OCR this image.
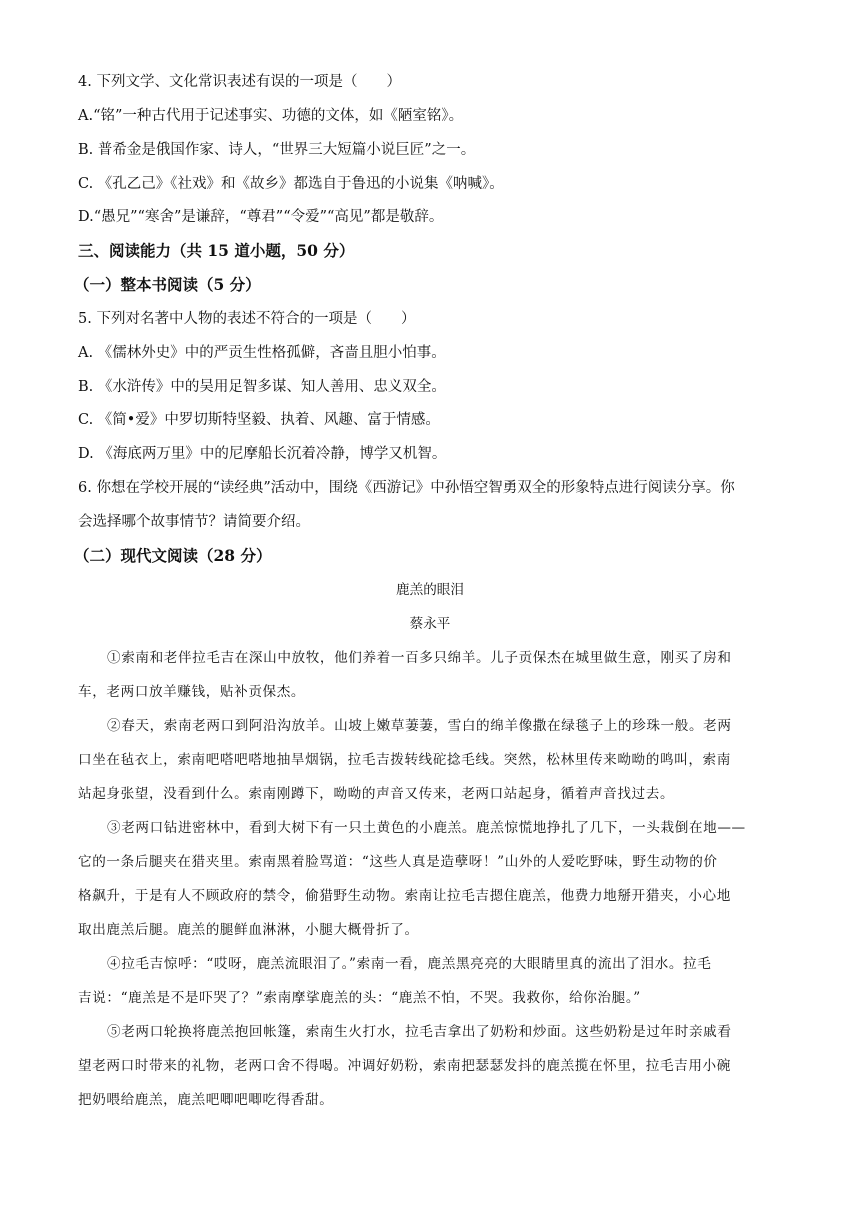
4. 下列文学、文化常识表述有误的一项是（　　）
A.“铭”一种古代用于记述事实、功德的文体，如《陋室铭》。
B. 普希金是俄国作家、诗人，“世界三大短篇小说巨匠”之一。
C. 《孔乙己》《社戏》和《故乡》都选自于鲁迅的小说集《呐喊》。
D.“愚兄”“寒舍”是谦辞，“尊君”“令爱”“高见”都是敬辞。
三、阅读能力（共 15 道小题，50 分）
（一）整本书阅读（5 分）
5. 下列对名著中人物的表述不符合的一项是（　　）
A. 《儒林外史》中的严贡生性格孤僻，吝啬且胆小怕事。
B. 《水浒传》中的吴用足智多谋、知人善用、忠义双全。
C. 《简•爱》中罗切斯特坚毅、执着、风趣、富于情感。
D. 《海底两万里》中的尼摩船长沉着冷静，博学又机智。
6. 你想在学校开展的“读经典”活动中，围绕《西游记》中孙悟空智勇双全的形象特点进行阅读分享。你
会选择哪个故事情节？请简要介绍。
（二）现代文阅读（28 分）
鹿羔的眼泪
蔡永平
①索南和老伴拉毛吉在深山中放牧，他们养着一百多只绵羊。儿子贡保杰在城里做生意，刚买了房和
车，老两口放羊赚钱，贴补贡保杰。
②春天，索南老两口到阿沿沟放羊。山坡上嫩草萋萋，雪白的绵羊像撒在绿毯子上的珍珠一般。老两
口坐在毡衣上，索南吧嗒吧嗒地抽旱烟锅，拉毛吉拨转线砣捻毛线。突然，松林里传来呦呦的鸣叫，索南
站起身张望，没看到什么。索南刚蹲下，呦呦的声音又传来，老两口站起身，循着声音找过去。
③老两口钻进密林中，看到大树下有一只土黄色的小鹿羔。鹿羔惊慌地挣扎了几下，一头栽倒在地——
它的一条后腿夹在猎夹里。索南黑着脸骂道：“这些人真是造孽呀！”山外的人爱吃野味，野生动物的价
格飙升，于是有人不顾政府的禁令，偷猎野生动物。索南让拉毛吉摁住鹿羔，他费力地掰开猎夹，小心地
取出鹿羔后腿。鹿羔的腿鲜血淋淋，小腿大概骨折了。
④拉毛吉惊呼：“哎呀，鹿羔流眼泪了。”索南一看，鹿羔黑亮亮的大眼睛里真的流出了泪水。拉毛
吉说：“鹿羔是不是吓哭了？”索南摩挲鹿羔的头：“鹿羔不怕，不哭。我救你，给你治腿。”
⑤老两口轮换将鹿羔抱回帐篷，索南生火打水，拉毛吉拿出了奶粉和炒面。这些奶粉是过年时亲戚看
望老两口时带来的礼物，老两口舍不得喝。冲调好奶粉，索南把瑟瑟发抖的鹿羔揽在怀里，拉毛吉用小碗
把奶喂给鹿羔，鹿羔吧唧吧唧吃得香甜。
